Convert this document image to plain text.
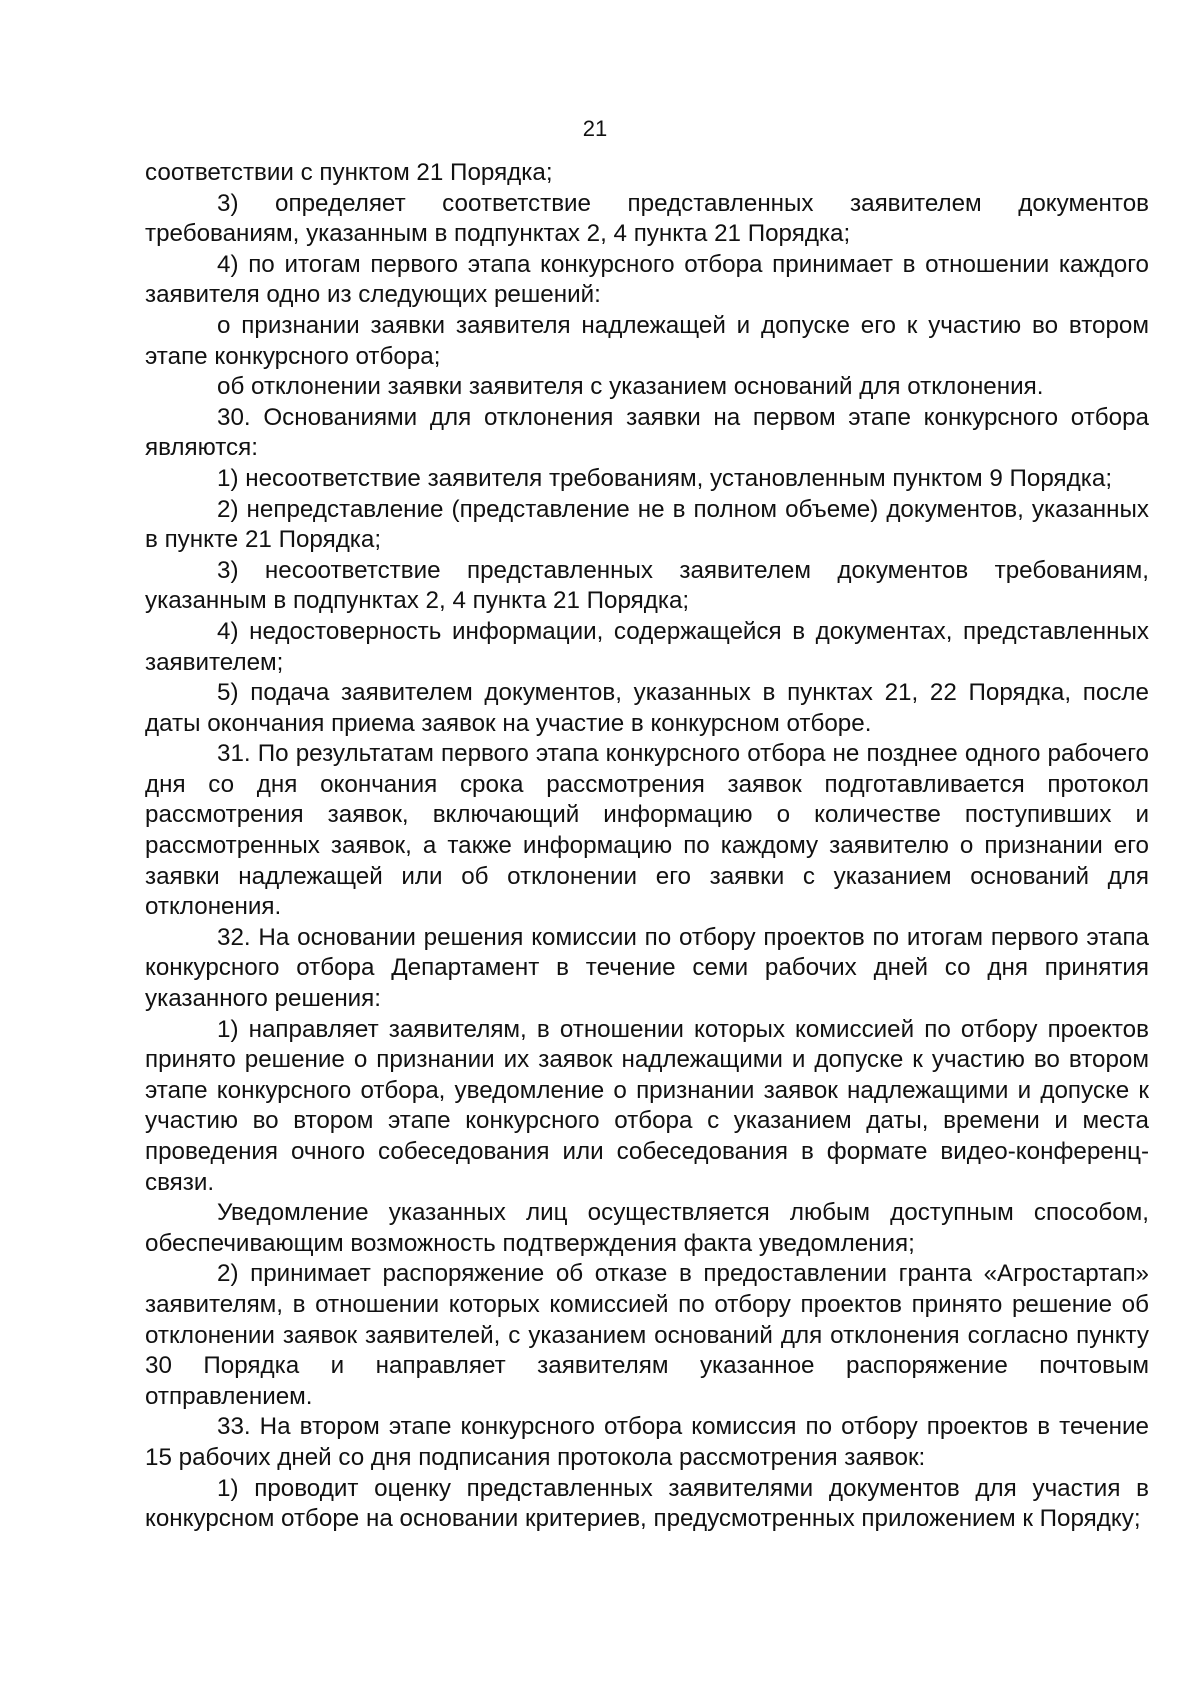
21

соответствии с пунктом 21 Порядка;

3) определяет соответствие представленных заявителем документов требованиям, указанным в подпунктах 2, 4 пункта 21 Порядка;

4) по итогам первого этапа конкурсного отбора принимает в отношении каждого заявителя одно из следующих решений:

о признании заявки заявителя надлежащей и допуске его к участию во втором этапе конкурсного отбора;

об отклонении заявки заявителя с указанием оснований для отклонения.

30. Основаниями для отклонения заявки на первом этапе конкурсного отбора являются:

1) несоответствие заявителя требованиям, установленным пунктом 9 Порядка;

2) непредставление (представление не в полном объеме) документов, указанных в пункте 21 Порядка;

3) несоответствие представленных заявителем документов требованиям, указанным в подпунктах 2, 4 пункта 21 Порядка;

4) недостоверность информации, содержащейся в документах, представленных заявителем;

5) подача заявителем документов, указанных в пунктах 21, 22 Порядка, после даты окончания приема заявок на участие в конкурсном отборе.

31. По результатам первого этапа конкурсного отбора не позднее одного рабочего дня со дня окончания срока рассмотрения заявок подготавливается протокол рассмотрения заявок, включающий информацию о количестве поступивших и рассмотренных заявок, а также информацию по каждому заявителю о признании его заявки надлежащей или об отклонении его заявки с указанием оснований для отклонения.

32. На основании решения комиссии по отбору проектов по итогам первого этапа конкурсного отбора Департамент в течение семи рабочих дней со дня принятия указанного решения:

1) направляет заявителям, в отношении которых комиссией по отбору проектов принято решение о признании их заявок надлежащими и допуске к участию во втором этапе конкурсного отбора, уведомление о признании заявок надлежащими и допуске к участию во втором этапе конкурсного отбора с указанием даты, времени и места проведения очного собеседования или собеседования в формате видео-конференц-связи.

Уведомление указанных лиц осуществляется любым доступным способом, обеспечивающим возможность подтверждения факта уведомления;

2) принимает распоряжение об отказе в предоставлении гранта «Агростартап» заявителям, в отношении которых комиссией по отбору проектов принято решение об отклонении заявок заявителей, с указанием оснований для отклонения согласно пункту 30 Порядка и направляет заявителям указанное распоряжение почтовым отправлением.

33. На втором этапе конкурсного отбора комиссия по отбору проектов в течение 15 рабочих дней со дня подписания протокола рассмотрения заявок:

1) проводит оценку представленных заявителями документов для участия в конкурсном отборе на основании критериев, предусмотренных приложением к Порядку;
